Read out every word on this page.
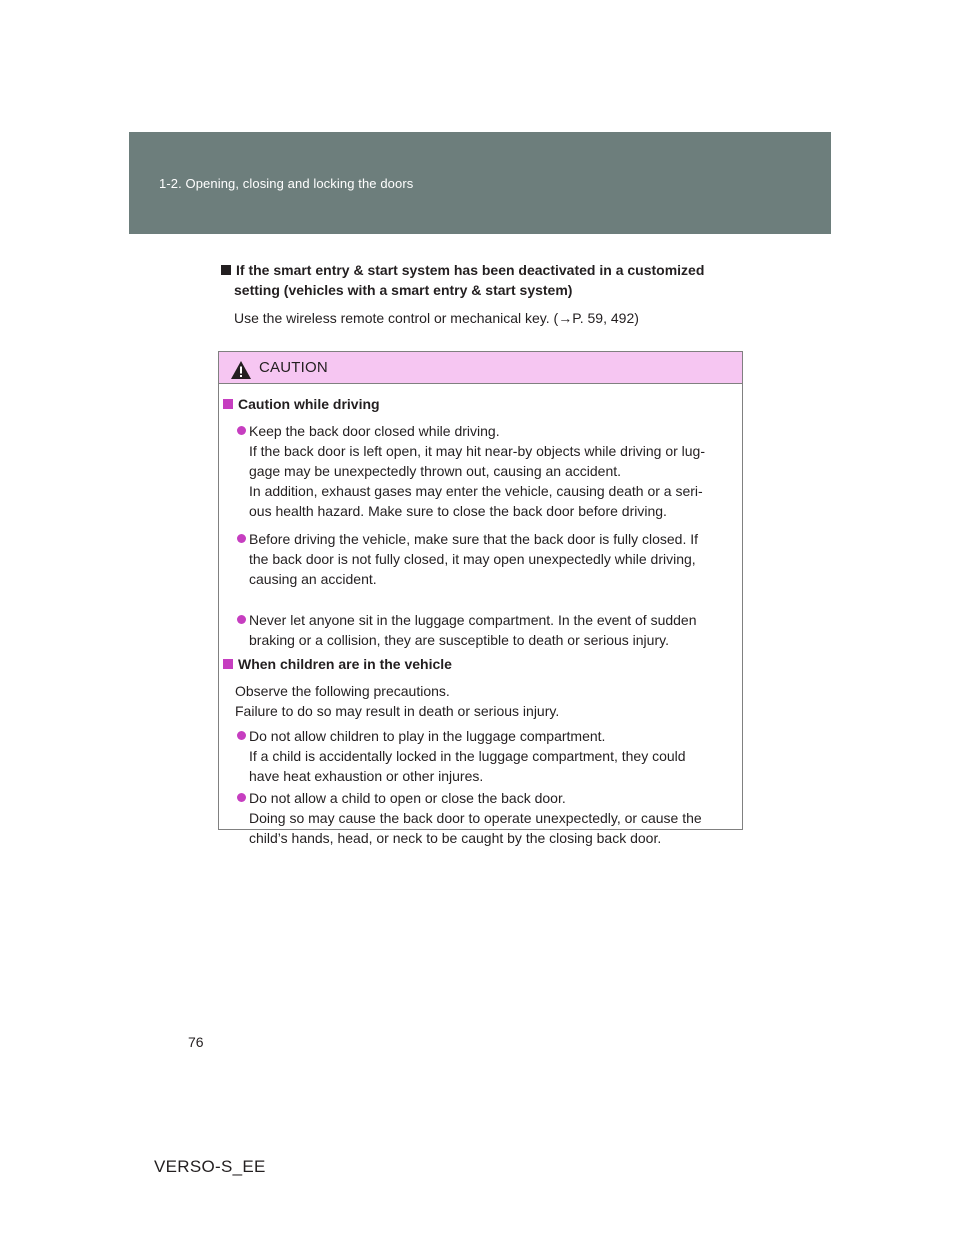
1-2. Opening, closing and locking the doors
If the smart entry & start system has been deactivated in a customized
setting (vehicles with a smart entry & start system)
Use the wireless remote control or mechanical key. (→P. 59, 492)
CAUTION
Caution while driving

Keep the back door closed while driving.
If the back door is left open, it may hit near-by objects while driving or lug-
gage may be unexpectedly thrown out, causing an accident.
In addition, exhaust gases may enter the vehicle, causing death or a seri-
ous health hazard. Make sure to close the back door before driving.

Before driving the vehicle, make sure that the back door is fully closed. If
the back door is not fully closed, it may open unexpectedly while driving,
causing an accident.

Never let anyone sit in the luggage compartment. In the event of sudden
braking or a collision, they are susceptible to death or serious injury.

When children are in the vehicle
Observe the following precautions.
Failure to do so may result in death or serious injury.

Do not allow children to play in the luggage compartment.
If a child is accidentally locked in the luggage compartment, they could
have heat exhaustion or other injures.

Do not allow a child to open or close the back door.
Doing so may cause the back door to operate unexpectedly, or cause the
child’s hands, head, or neck to be caught by the closing back door.

76
VERSO-S_EE
